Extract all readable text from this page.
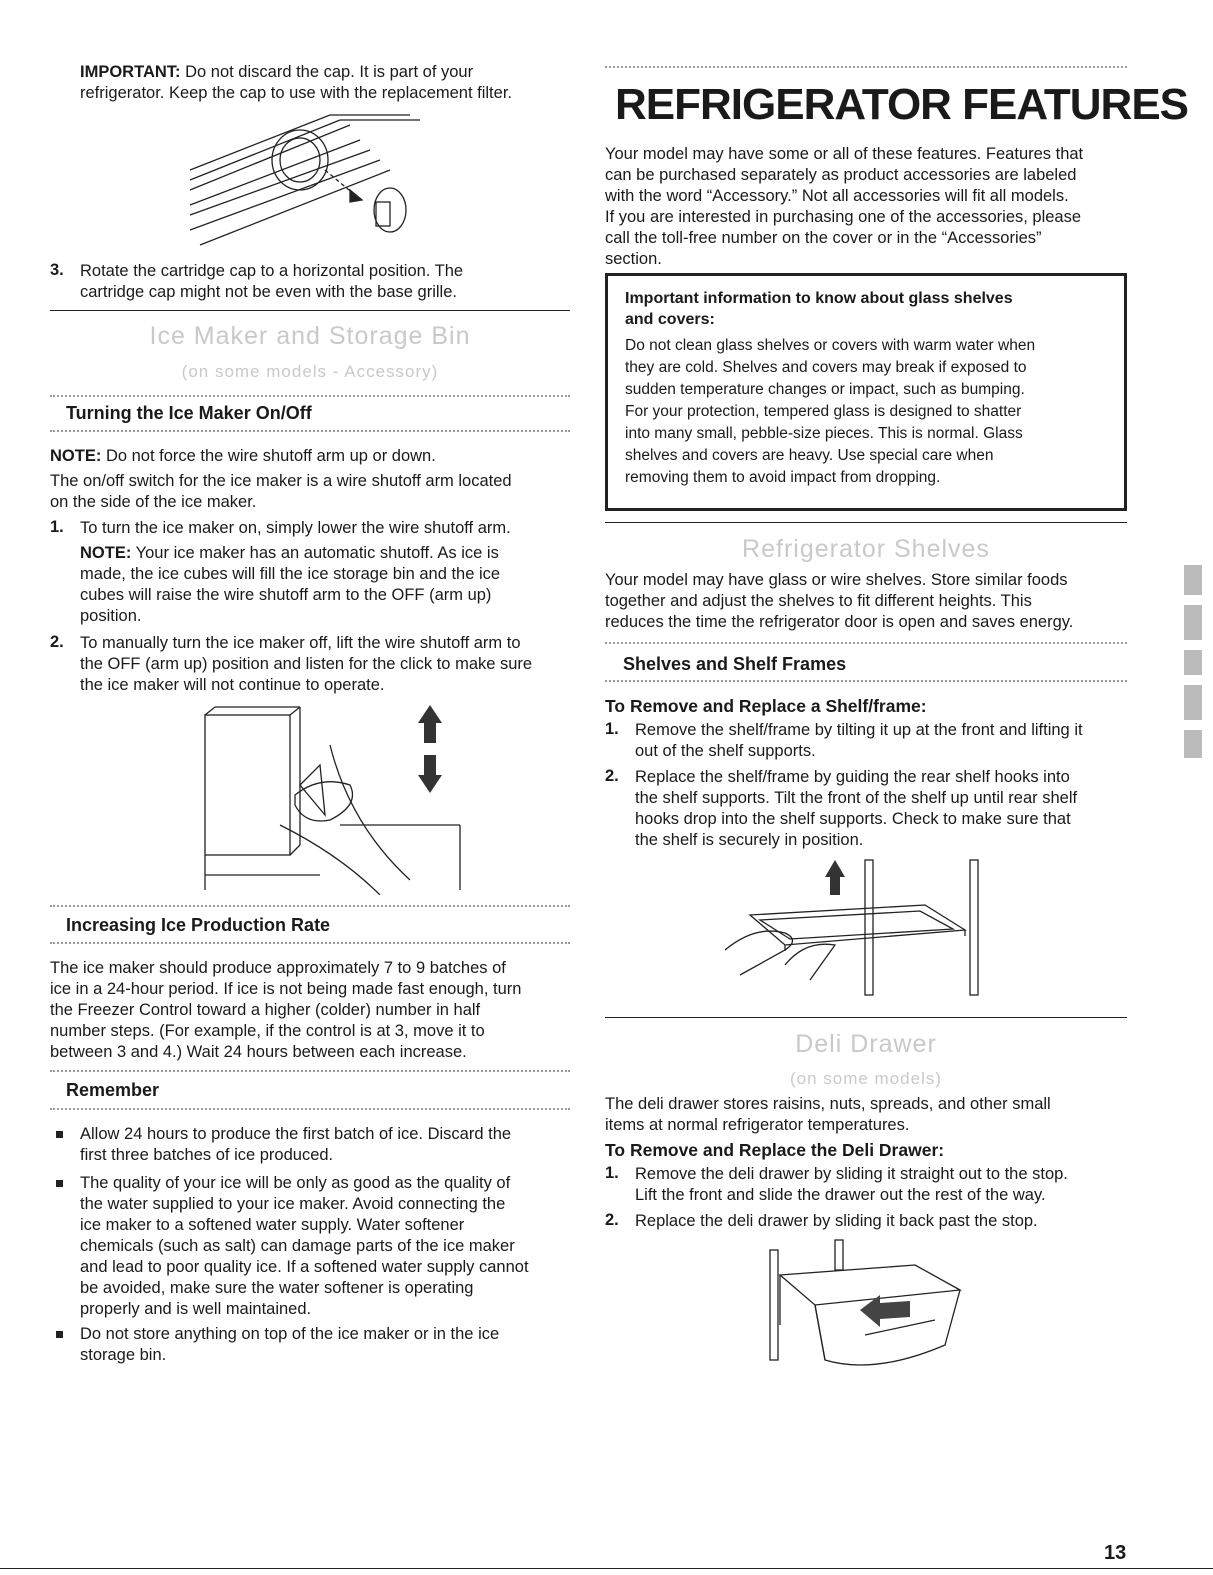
IMPORTANT: Do not discard the cap. It is part of your

refrigerator. Keep the cap to use with the replacement filter.

3. Rotate the cartridge cap to a horizontal position. The

cartridge cap might not be even with the base grille.

Ice Maker and Storage Bin
(on some models - Accessory)
Turning the Ice Maker On/Off

NOTE: Do not force the wire shutoff arm up or down.

The on/off switch for the ice maker is a wire shutoff arm located

on the side of the ice maker.

1. To turn the ice maker on, simply lower the wire shutoff arm.

NOTE: Your ice maker has an automatic shutoff. As ice is

made, the ice cubes will fill the ice storage bin and the ice

cubes will raise the wire shutoff arm to the OFF (arm up)

position.

2. To manually turn the ice maker off, lift the wire shutoff arm to

the OFF (arm up) position and listen for the click to make sure

the ice maker will not continue to operate.

Increasing Ice Production Rate

The ice maker should produce approximately 7 to 9 batches of

ice in a 24-hour period. If ice is not being made fast enough, turn

the Freezer Control toward a higher (colder) number in half

number steps. (For example, if the control is at 3, move it to

between 3 and 4.) Wait 24 hours between each increase.

Remember

Allow 24 hours to produce the first batch of ice. Discard the

first three batches of ice produced.

The quality of your ice will be only as good as the quality of

the water supplied to your ice maker. Avoid connecting the

ice maker to a softened water supply. Water softener

chemicals (such as salt) can damage parts of the ice maker

and lead to poor quality ice. If a softened water supply cannot

be avoided, make sure the water softener is operating

properly and is well maintained.

Do not store anything on top of the ice maker or in the ice

storage bin.

REFRIGERATOR FEATURES

Your model may have some or all of these features. Features that

can be purchased separately as product accessories are labeled

with the word “Accessory.” Not all accessories will fit all models.

If you are interested in purchasing one of the accessories, please

call the toll-free number on the cover or in the “Accessories”

section.

Important information to know about glass shelves

and covers:

Do not clean glass shelves or covers with warm water when

they are cold. Shelves and covers may break if exposed to

sudden temperature changes or impact, such as bumping.

For your protection, tempered glass is designed to shatter

into many small, pebble-size pieces. This is normal. Glass

shelves and covers are heavy. Use special care when

removing them to avoid impact from dropping.

Refrigerator Shelves

Your model may have glass or wire shelves. Store similar foods

together and adjust the shelves to fit different heights. This

reduces the time the refrigerator door is open and saves energy.

Shelves and Shelf Frames
To Remove and Replace a Shelf/frame:
1. Remove the shelf/frame by tilting it up at the front and lifting it

out of the shelf supports.

2. Replace the shelf/frame by guiding the rear shelf hooks into

the shelf supports. Tilt the front of the shelf up until rear shelf

hooks drop into the shelf supports. Check to make sure that

the shelf is securely in position.

Deli Drawer
(on some models)

The deli drawer stores raisins, nuts, spreads, and other small

items at normal refrigerator temperatures.

To Remove and Replace the Deli Drawer:
1. Remove the deli drawer by sliding it straight out to the stop.

Lift the front and slide the drawer out the rest of the way.

2. Replace the deli drawer by sliding it back past the stop.

13
